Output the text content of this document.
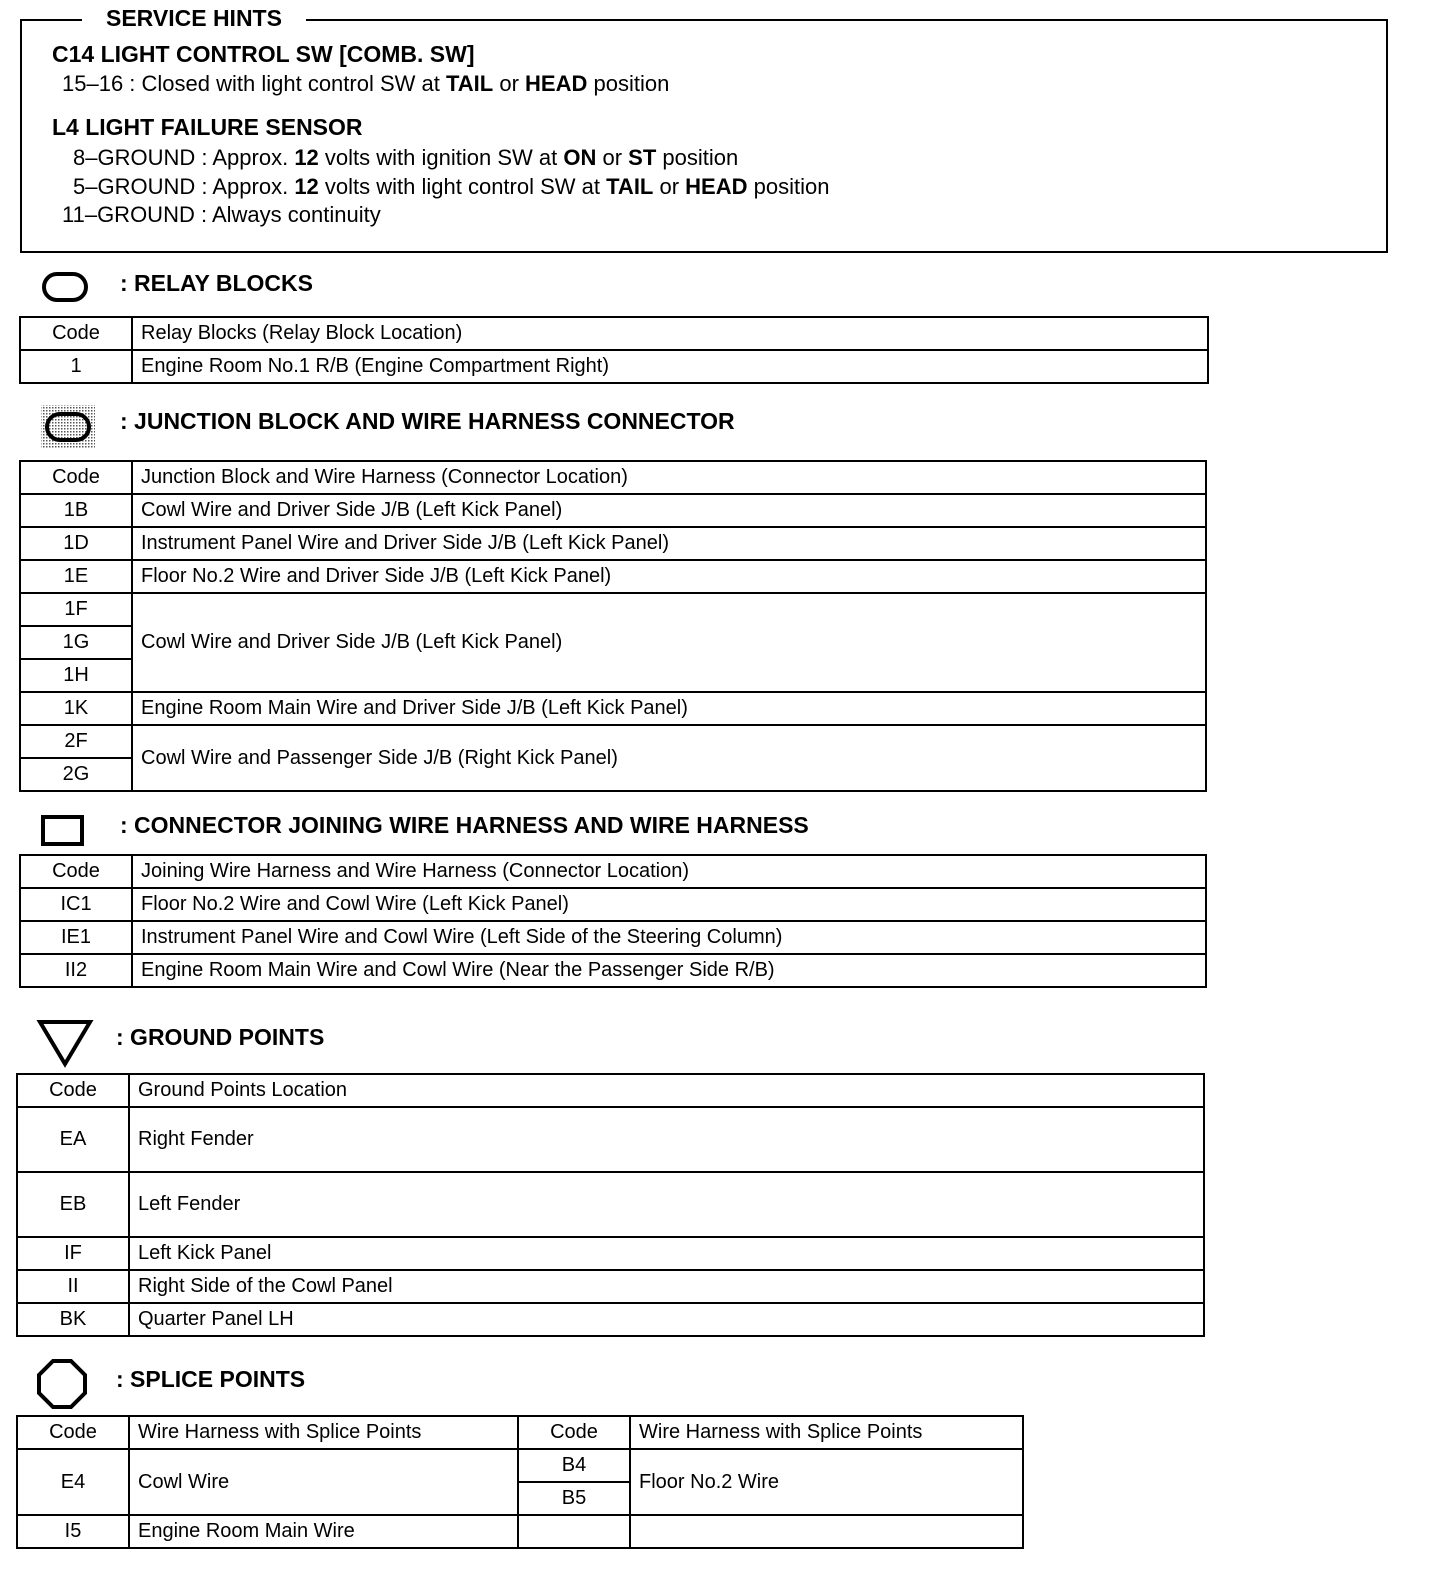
SERVICE HINTS
C14 LIGHT CONTROL SW [COMB. SW]
15–16 : Closed with light control SW at TAIL or HEAD position
L4 LIGHT FAILURE SENSOR
8–GROUND : Approx. 12 volts with ignition SW at ON or ST position
5–GROUND : Approx. 12 volts with light control SW at TAIL or HEAD position
11–GROUND : Always continuity
: RELAY BLOCKS
Code	Relay Blocks (Relay Block Location)
1	Engine Room No.1 R/B (Engine Compartment Right)
: JUNCTION BLOCK AND WIRE HARNESS CONNECTOR
Code	Junction Block and Wire Harness (Connector Location)
1B	Cowl Wire and Driver Side J/B (Left Kick Panel)
1D	Instrument Panel Wire and Driver Side J/B (Left Kick Panel)
1E	Floor No.2 Wire and Driver Side J/B (Left Kick Panel)
1F	Cowl Wire and Driver Side J/B (Left Kick Panel)
1G	
1H	
1K	Engine Room Main Wire and Driver Side J/B (Left Kick Panel)
2F	Cowl Wire and Passenger Side J/B (Right Kick Panel)
2G	
: CONNECTOR JOINING WIRE HARNESS AND WIRE HARNESS
Code	Joining Wire Harness and Wire Harness (Connector Location)
IC1	Floor No.2 Wire and Cowl Wire (Left Kick Panel)
IE1	Instrument Panel Wire and Cowl Wire (Left Side of the Steering Column)
II2	Engine Room Main Wire and Cowl Wire (Near the Passenger Side R/B)
: GROUND POINTS
Code	Ground Points Location
EA	Right Fender
EB	Left Fender
IF	Left Kick Panel
II	Right Side of the Cowl Panel
BK	Quarter Panel LH
: SPLICE POINTS
Code	Wire Harness with Splice Points	Code	Wire Harness with Splice Points
E4	Cowl Wire	B4	Floor No.2 Wire
		B5	
I5	Engine Room Main Wire		
